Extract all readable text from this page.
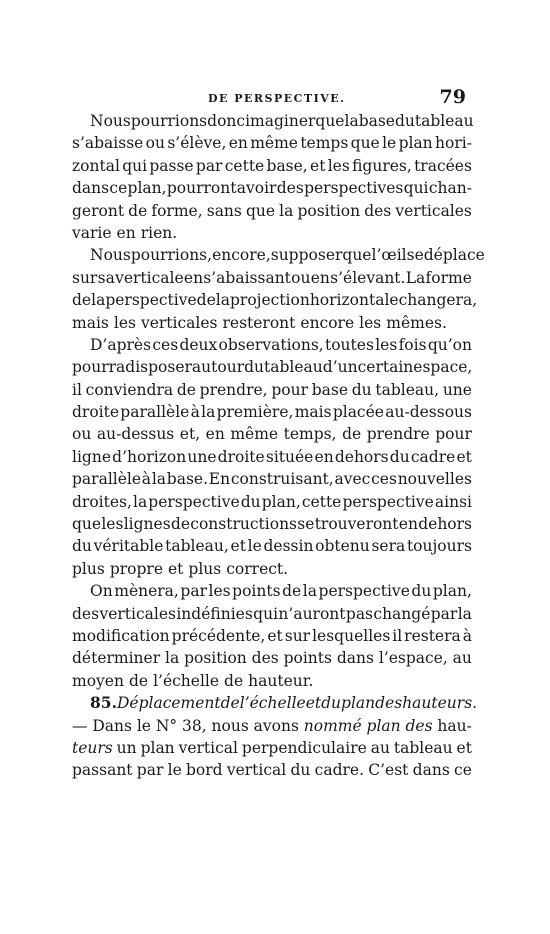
DE PERSPECTIVE.	79
Nous pourrions donc imaginer que la base du tableau
s’abaisse ou s’élève, en même temps que le plan hori-
zontal qui passe par cette base, et les figures, tracées
dans ce plan, pourront avoir des perspectives qui chan-
geront de forme, sans que la position des verticales
varie en rien.
Nous pourrions, encore, supposer que l’œil se déplace
sur sa verticale en s’abaissant ou en s’élevant. La forme
de la perspective de la projection horizontale changera,
mais les verticales resteront encore les mêmes.
D’après ces deux observations, toutes les fois qu’on
pourra disposer autour du tableau d’un certain espace,
il conviendra de prendre, pour base du tableau, une
droite parallèle à la première, mais placée au-dessous
ou au-dessus et, en même temps, de prendre pour
ligne d’horizon une droite située en dehors du cadre et
parallèle à la base. En construisant, avec ces nouvelles
droites, la perspective du plan, cette perspective ainsi
que les lignes de constructions se trouveront en dehors
du véritable tableau, et le dessin obtenu sera toujours
plus propre et plus correct.
On mènera, par les points de la perspective du plan,
des verticales indéfinies qui n’auront pas changé par la
modification précédente, et sur lesquelles il restera à
déterminer la position des points dans l’espace, au
moyen de l’échelle de hauteur.
85. Déplacement de l’échelle et du plan des hauteurs.
— Dans le N° 38, nous avons nommé plan des hau-
teurs un plan vertical perpendiculaire au tableau et
passant par le bord vertical du cadre. C’est dans ce
